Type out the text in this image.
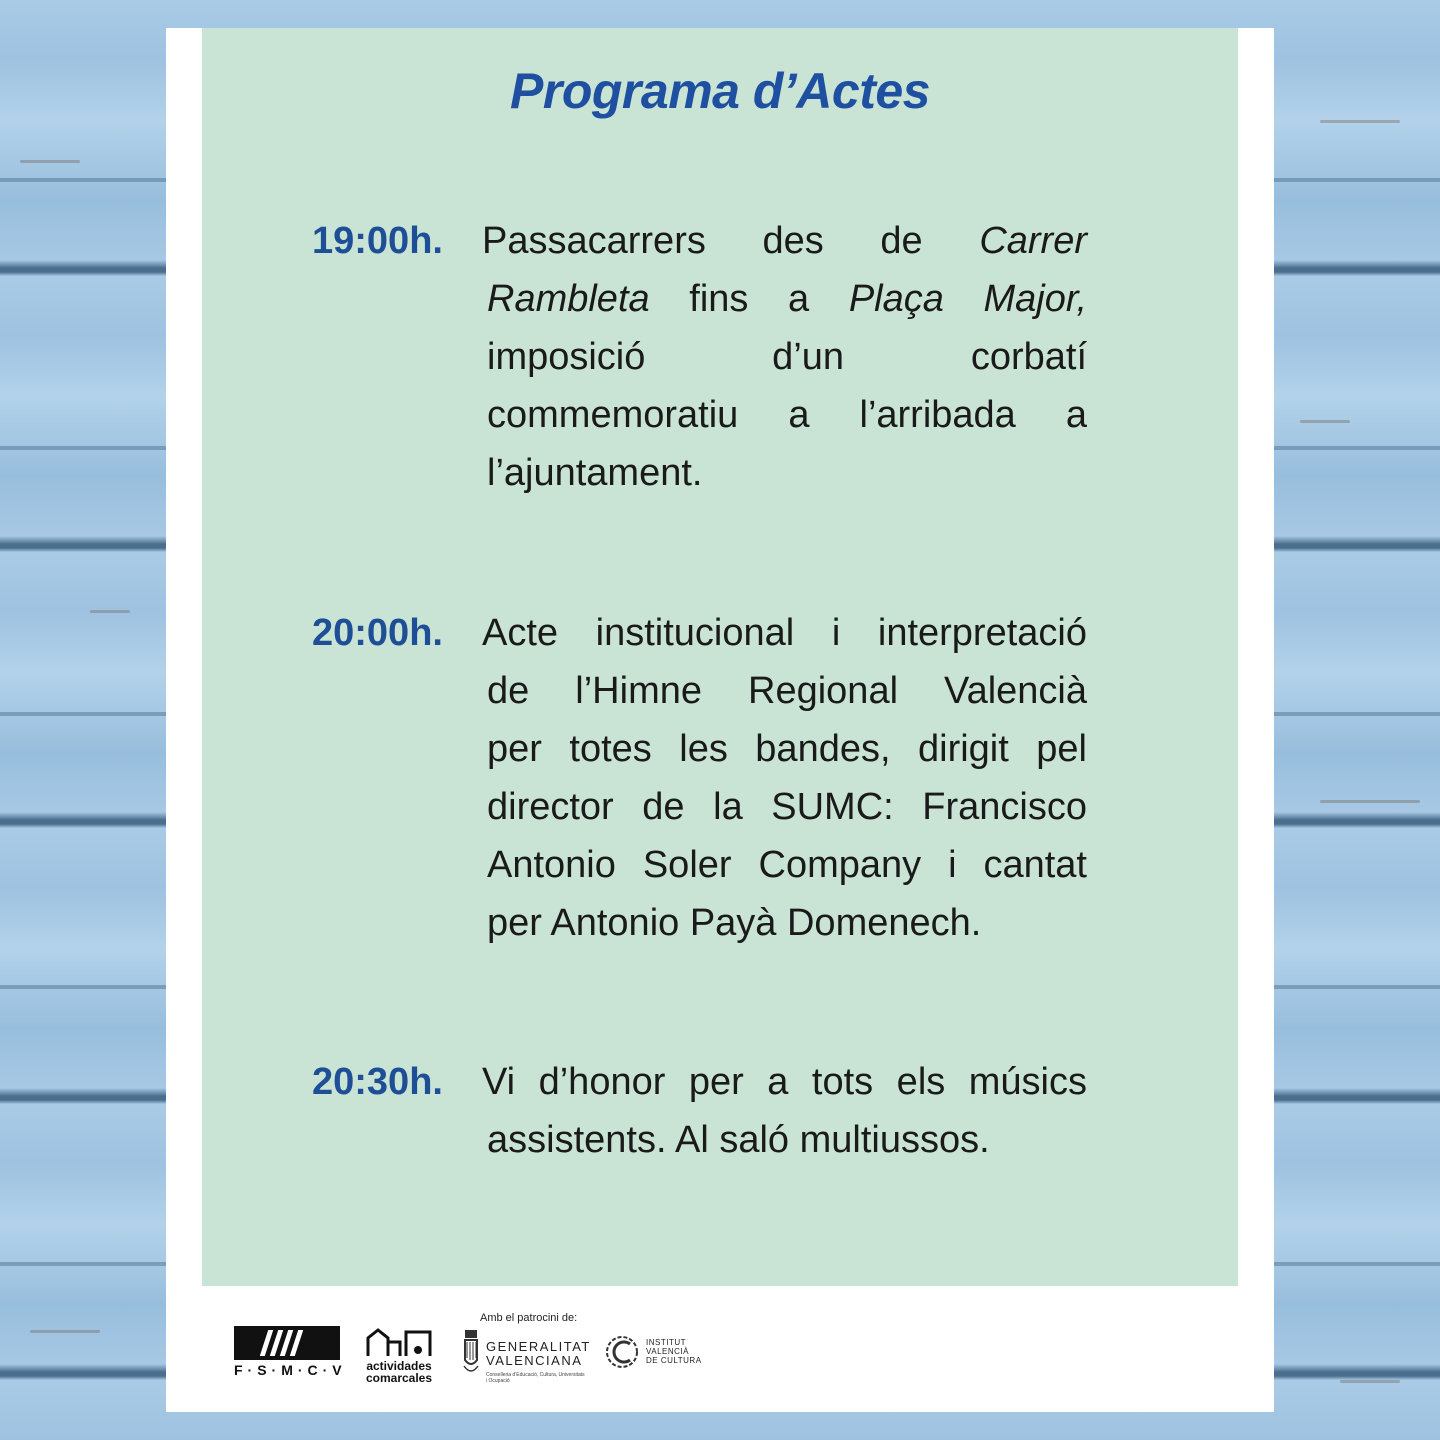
Programa d’Actes
19:00h. Passacarrers des de Carrer
Rambleta fins a Plaça Major,
imposició d’un corbatí
commemoratiu a l’arribada a
l’ajuntament.
20:00h. Acte institucional i interpretació
de l’Himne Regional Valencià
per totes les bandes, dirigit pel
director de la SUMC: Francisco
Antonio Soler Company i cantat
per Antonio Payà Domenech.
20:30h. Vi d’honor per a tots els músics
assistents. Al saló multiussos.
F·S·M·C·V	actividades
comarcales
Amb el patrocini de:
GENERALITAT
VALENCIANA
Conselleria d’Educació, Cultura, Universitats i Ocupació
INSTITUT
VALENCIÀ
DE CULTURA
